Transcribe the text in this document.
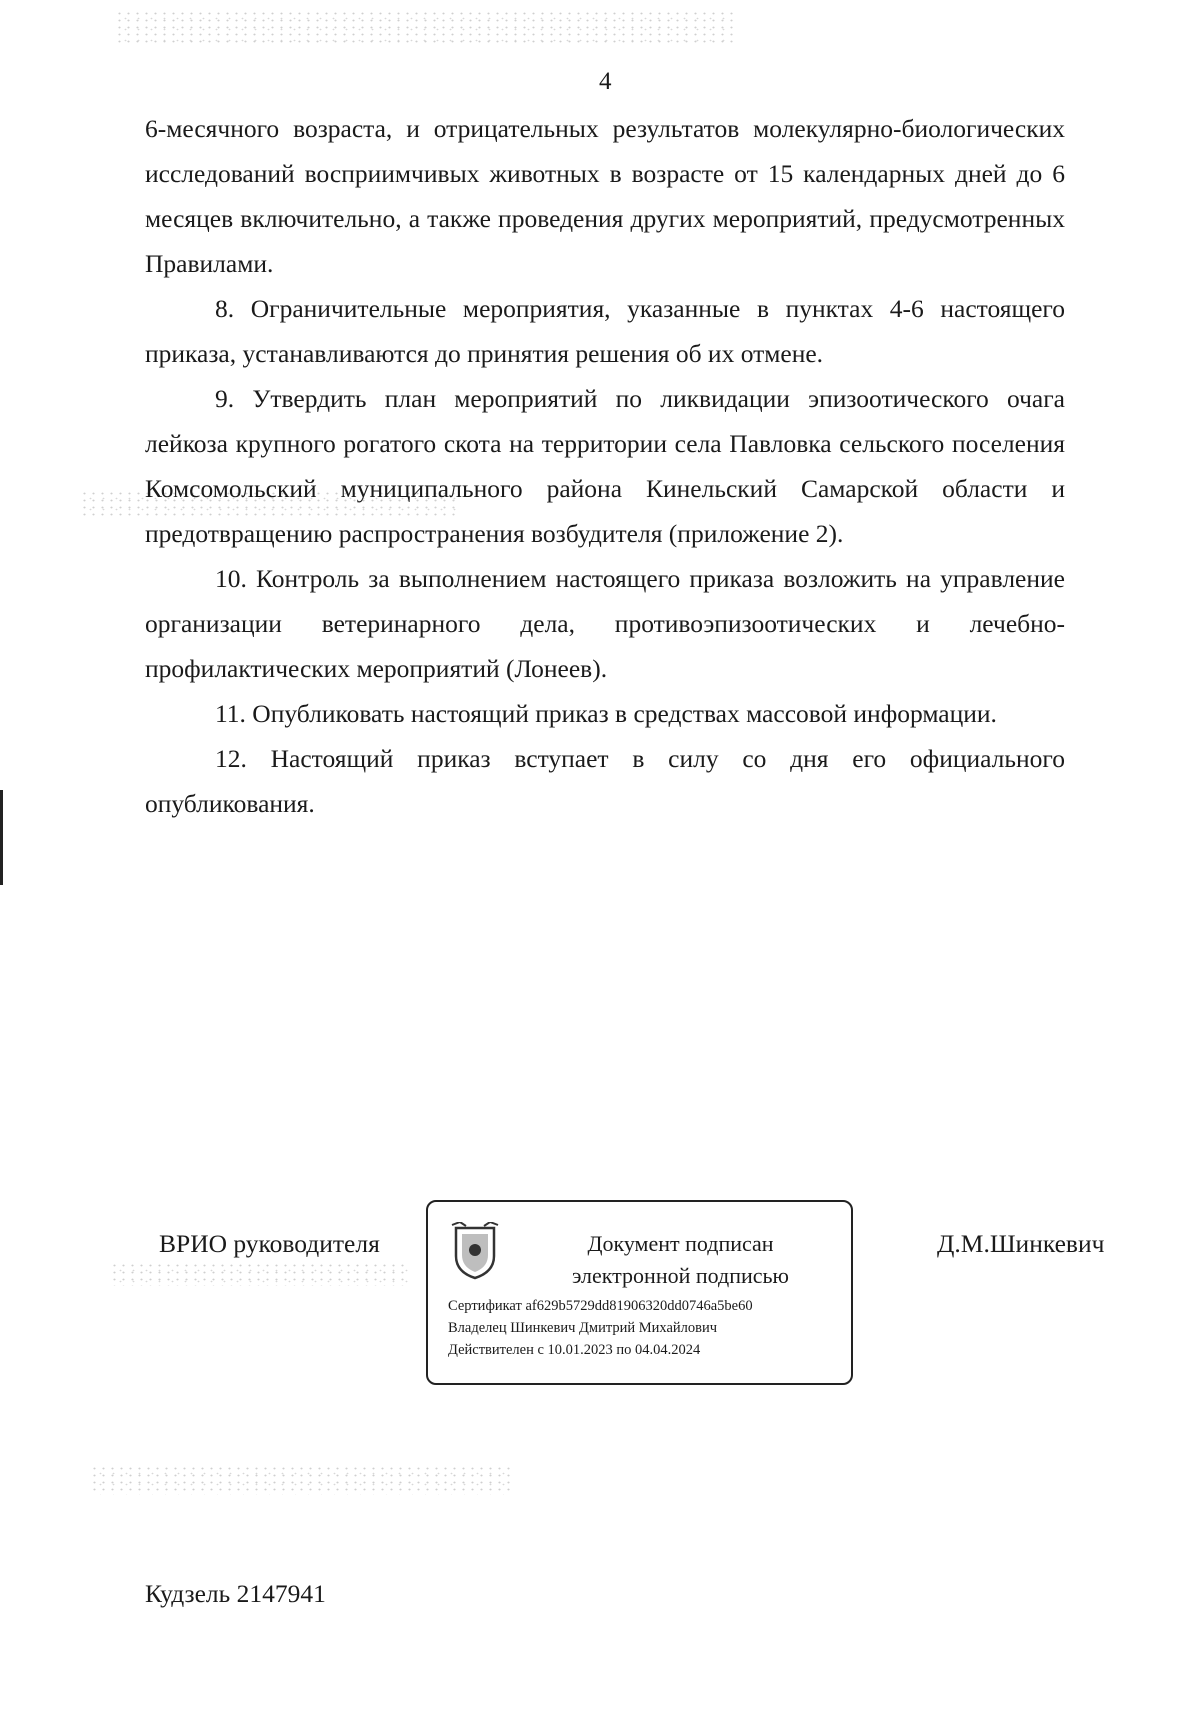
4

6-месячного возраста, и отрицательных результатов молекулярно-биологических исследований восприимчивых животных в возрасте от 15 календарных дней до 6 месяцев включительно, а также проведения других мероприятий, предусмотренных Правилами.

8. Ограничительные мероприятия, указанные в пунктах 4-6 настоящего приказа, устанавливаются до принятия решения об их отмене.

9. Утвердить план мероприятий по ликвидации эпизоотического очага лейкоза крупного рогатого скота на территории села Павловка сельского поселения Комсомольский муниципального района Кинельский Самарской области и предотвращению распространения возбудителя (приложение 2).

10. Контроль за выполнением настоящего приказа возложить на управление организации ветеринарного дела, противоэпизоотических и лечебно-профилактических мероприятий (Лонеев).

11. Опубликовать настоящий приказ в средствах массовой информации.

12. Настоящий приказ вступает в силу со дня его официального опубликования.

ВРИО руководителя	Документ подписан
электронной подписью
Сертификат af629b5729dd81906320dd0746a5be60
Владелец Шинкевич Дмитрий Михайлович
Действителен с 10.01.2023 по 04.04.2024
Д.М.Шинкевич
Кудзель 2147941
